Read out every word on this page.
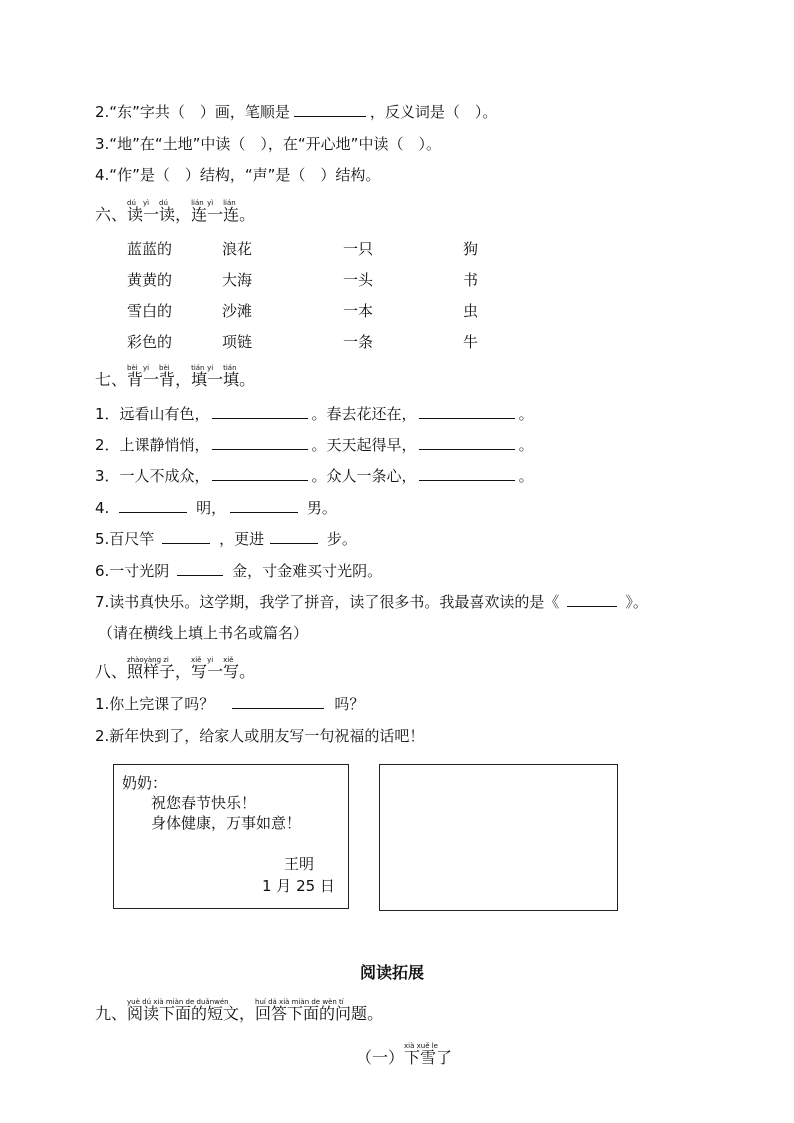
2.“东”字共（　）画，笔顺是	，反义词是（　）。
3.“地”在“土地”中读（　），在“开心地”中读（　）。
4.“作”是（　）结构，“声”是（　）结构。
六、
dú
读
yì
一
dú
读，
lián
连
yì
一
lián
连。
蓝蓝的	浪花	一只	狗
黄黄的	大海	一头	书
雪白的	沙滩	一本	虫
彩色的	项链	一条	牛
七、
bèi
背
yi
一
bèi
背，
tián
填
yi
一
tián
填。
1．远看山有色，	。春去花还在，	。
2．上课静悄悄，	。天天起得早，	。
3．一人不成众，	。众人一条心，	。
4.	明，	男。
5.百尺竿	，更进	步。
6.一寸光阴	金，寸金难买寸光阴。
7.读书真快乐。这学期，我学了拼音，读了很多书。我最喜欢读的是《	》。
（请在横线上填上书名或篇名）
八、
zhàoyàng zi
照样子，
xiě
写
yi
一
xiě
写。
1.你上完课了吗？	吗？
2.新年快到了，给家人或朋友写一句祝福的话吧！
奶奶：
祝您春节快乐！
身体健康，万事如意！
王明
1 月 25 日
阅读拓展
九、
yuè dú xià miàn de duǎnwén
阅读下面的短文，
huí dá xià miàn de wèn tí
回答下面的问题。
（一）
xià xuě le
下雪了
